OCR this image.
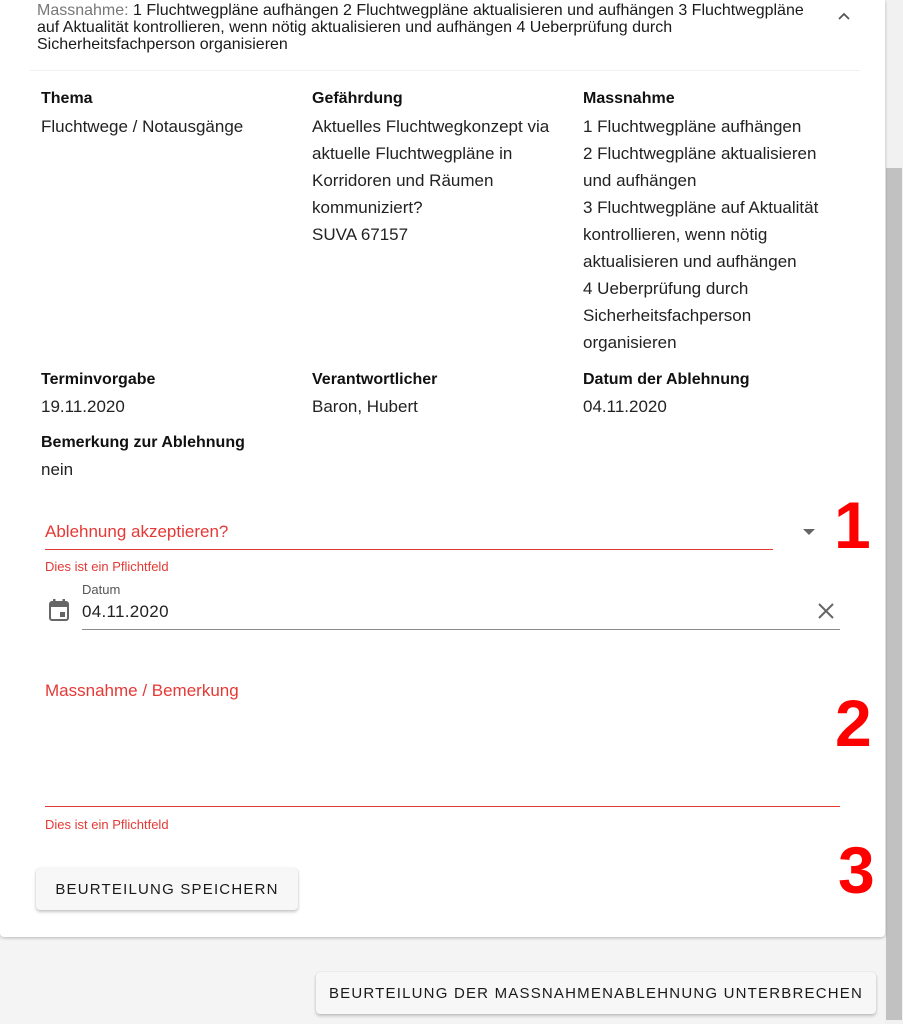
Massnahme: 1 Fluchtwegpläne aufhängen 2 Fluchtwegpläne aktualisieren und aufhängen 3 Fluchtwegpläne auf Aktualität kontrollieren, wenn nötig aktualisieren und aufhängen 4 Ueberprüfung durch Sicherheitsfachperson organisieren
Thema
Fluchtwege / Notausgänge
Gefährdung
Aktuelles Fluchtwegkonzept via
aktuelle Fluchtwegpläne in
Korridoren und Räumen
kommuniziert?
SUVA 67157
Massnahme
1 Fluchtwegpläne aufhängen
2 Fluchtwegpläne aktualisieren
und aufhängen
3 Fluchtwegpläne auf Aktualität
kontrollieren, wenn nötig
aktualisieren und aufhängen
4 Ueberprüfung durch
Sicherheitsfachperson
organisieren
Terminvorgabe
19.11.2020
Verantwortlicher
Baron, Hubert
Datum der Ablehnung
04.11.2020
Bemerkung zur Ablehnung
nein
Ablehnung akzeptieren?
Dies ist ein Pflichtfeld
Datum
04.11.2020
Massnahme / Bemerkung
Dies ist ein Pflichtfeld
BEURTEILUNG SPEICHERN
BEURTEILUNG DER MASSNAHMENABLEHNUNG UNTERBRECHEN
1
2
3
